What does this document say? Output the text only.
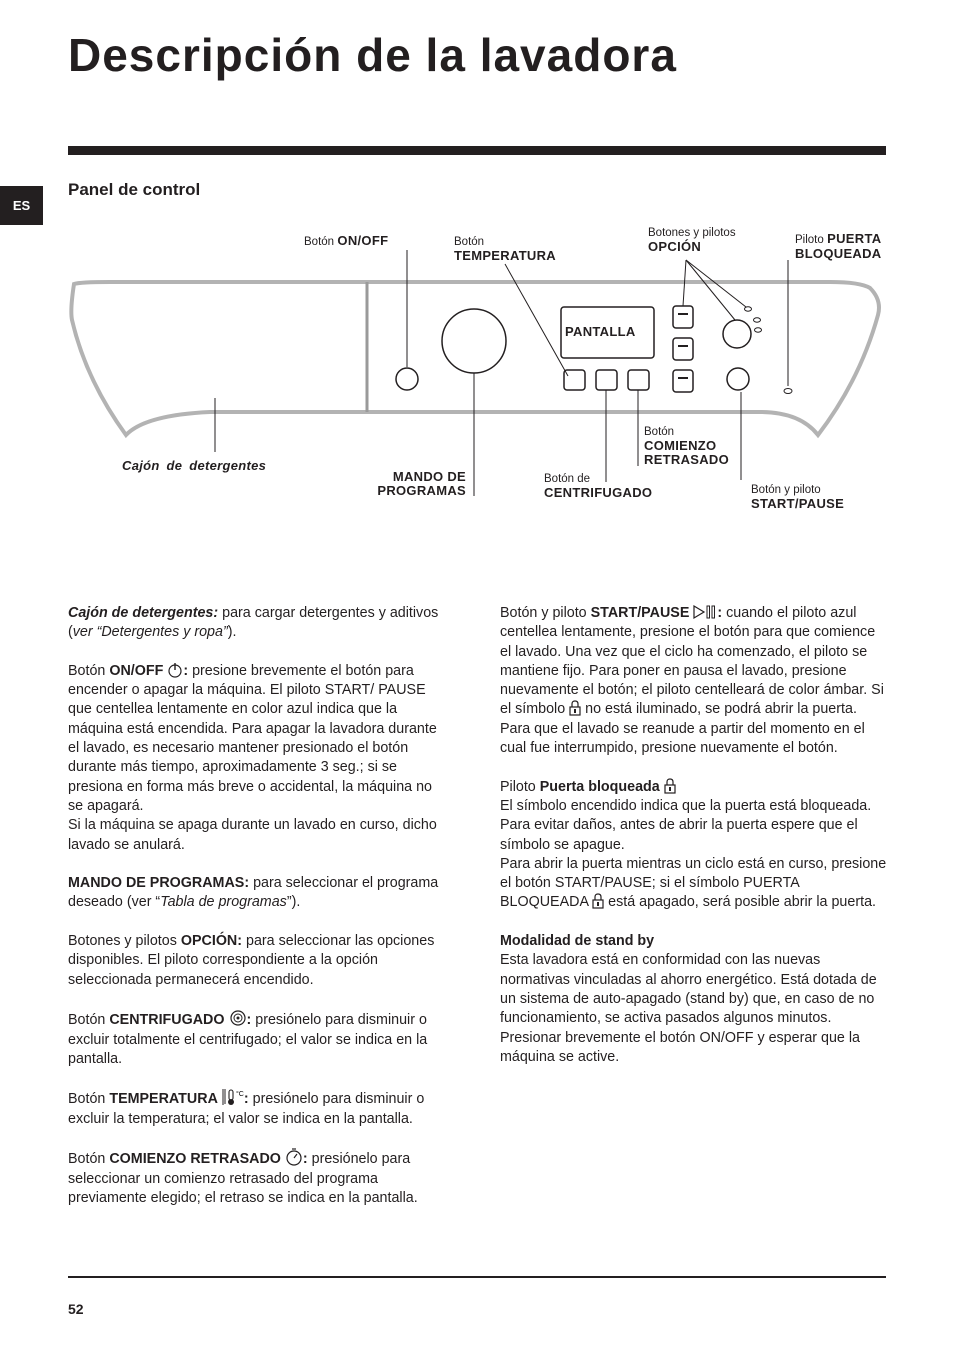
Descripción de la lavadora
ES
Panel de control
Botón ON/OFF	Botón
TEMPERATURA
Botones y pilotos
OPCIÓN	Piloto PUERTA
BLOQUEADA
PANTALLA
Cajón de detergentes
MANDO DE
PROGRAMAS
Botón de
CENTRIFUGADO
Botón
COMIENZO
RETRASADO
Botón y piloto
START/PAUSE

Cajón de detergentes: para cargar detergentes y aditivos (ver “Detergentes y ropa”).

Botón ON/OFF : presione brevemente el botón para encender o apagar la máquina. El piloto START/ PAUSE que centellea lentamente en color azul indica que la máquina está encendida. Para apagar la lavadora durante el lavado, es necesario mantener presionado el botón durante más tiempo, aproximadamente 3 seg.; si se presiona en forma más breve o accidental, la máquina no se apagará.
Si la máquina se apaga durante un lavado en curso, dicho lavado se anulará.

MANDO DE PROGRAMAS: para seleccionar el programa deseado (ver “Tabla de programas”).

Botones y pilotos OPCIÓN: para seleccionar las opciones disponibles. El piloto correspondiente a la opción seleccionada permanecerá encendido.

Botón CENTRIFUGADO : presiónelo para disminuir o excluir totalmente el centrifugado; el valor se indica en la pantalla.

Botón TEMPERATURA	°C : presiónelo para disminuir o excluir la temperatura; el valor se indica en la pantalla.

Botón COMIENZO RETRASADO : presiónelo para seleccionar un comienzo retrasado del programa previamente elegido; el retraso se indica en la pantalla.

Botón y piloto START/PAUSE : cuando el piloto azul centellea lentamente, presione el botón para que comience el lavado. Una vez que el ciclo ha comenzado, el piloto se mantiene fijo. Para poner en pausa el lavado, presione nuevamente el botón; el piloto centelleará de color ámbar. Si el símbolo  no está iluminado, se podrá abrir la puerta. Para que el lavado se reanude a partir del momento en el cual fue interrumpido, presione nuevamente el botón.

Piloto Puerta bloqueada
El símbolo encendido indica que la puerta está bloqueada. Para evitar daños, antes de abrir la puerta espere que el símbolo se apague.
Para abrir la puerta mientras un ciclo está en curso, presione el botón START/PAUSE; si el símbolo PUERTA BLOQUEADA  está apagado, será posible abrir la puerta.

Modalidad de stand by
Esta lavadora está en conformidad con las nuevas normativas vinculadas al ahorro energético. Está dotada de un sistema de auto-apagado (stand by) que, en caso de no funcionamiento, se activa pasados algunos minutos. Presionar brevemente el botón ON/OFF y esperar que la máquina se active.

52
